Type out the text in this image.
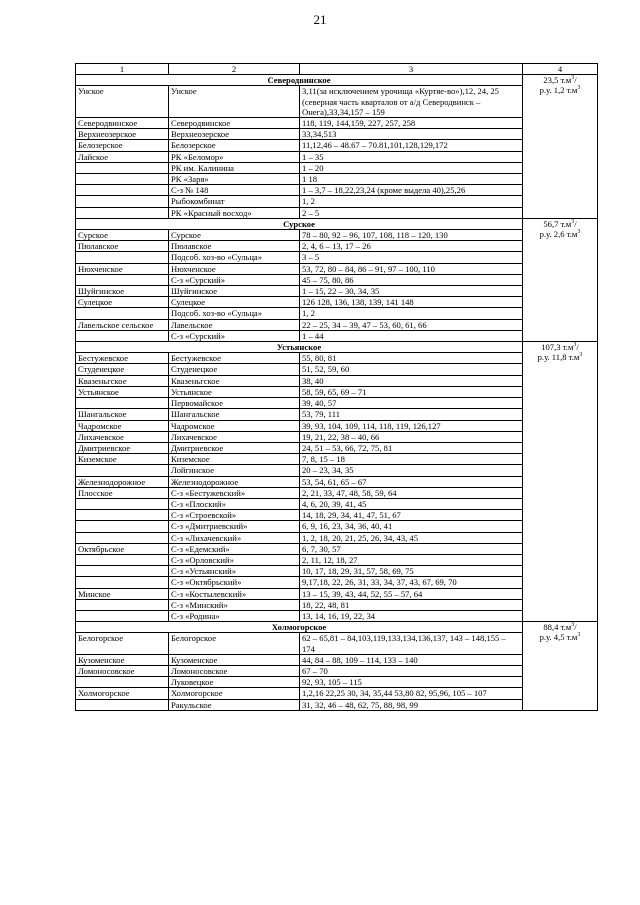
21
1	2	3	4
Северодвинское			23,5 $т.м^3/$
р.у. 1,2 $т.м^3$

Унское	Унское	3,11(за исключением урочища «Куртяе-вo»),12, 24, 25 (северная часть кварталов от а/д Северодвинск – Онега),33,34,157 – 159	
Северодвинское	Северодвинское	118, 119, 144,159, 227, 257, 258	
Верхнеозерское	Верхнеозерское	33,34,513	
Белозерское	Белозерское	11,12,46 – 48.67 – 70.81,101,128,129,172	
Лайское	РК «Беломор»	1 – 35	
	РК им. Калинина	1 – 20	
	РК «Заря»	1 18	
	С-з № 148	1 – 3,7 – 18,22,23,24 (кроме выдела 40),25,26	
	Рыбокомбинат	1, 2	
	РК «Красный восход»	2 – 5	
Сурское			56,7 $т.м^3/$
р.у. 2,6 $т.м^3$

Сурское	Сурское	78 – 80, 92 – 96, 107, 108, 118 – 120, 130	
Пюлавское	Пюлавское	2, 4, 6 – 13, 17 – 26	
	Подсоб. хоз-во «Сульца»	3 – 5	
Нюхченское	Нюхченское	53, 72, 80 – 84, 86 – 91, 97 – 100, 110	
	С-з «Сурский»	45 – 75, 80, 86	
Шуйгинское	Шуйгинское	1 – 15, 22 – 30, 34, 35	
Сулецкое	Сулецкое	126 128, 136, 138, 139, 141 148	
	Подсоб. хоз-во «Сульца»	1, 2	
Лавельское сельское	Лавельское	22 – 25, 34 – 39, 47 – 53, 60, 61, 66	
	С-з «Сурский»	1 – 44	
Устьянское			107,3 $т.м^3/$
р.у. 11,8 $т.м^3$

Бестужевское	Бестужевское	55, 80, 81	
Студенецкое	Студенецкое	51, 52, 59, 60	
Квазеньгское	Квазеньгское	38, 40	
Устьянское	Устьянское	58, 59, 65, 69 – 71	
	Первомайское	39, 40, 57	
Шангальское	Шангальское	53, 79, 111	
Чадромское	Чадромское	39, 93, 104, 109, 114, 118, 119, 126,127	
Лихачевское	Лихачевское	19, 21, 22, 38 – 40, 66	
Дмитриевское	Дмитриевское	24, 51 – 53, 66, 72, 75, 81	
Киземское	Киземское	7, 8, 15 – 18	
	Лойгинское	20 – 23, 34, 35	
Железнодорожное	Железнодорожное	53, 54, 61, 65 – 67	
Плосское	С-з «Бестужевский»	2, 21, 33, 47, 48, 58, 59, 64	
	С-з «Плоский»	4, 6, 20, 39, 41, 45	
	С-з «Строевской»	14, 18, 29, 34, 41, 47, 51, 67	
	С-з «Дмитриевский»	6, 9, 16, 23, 34, 36, 40, 41	
	С-з «Лихачевский»	1, 2, 18, 20, 21, 25, 26, 34, 43, 45	
Октябрьское	С-з «Едемский»	6, 7, 30, 57	
	С-з «Орловский»	2, 11, 12, 18, 27	
	С-з «Устьянский»	10, 17, 18, 29, 31, 57, 58, 69, 75	
	С-з «Октябрьский»	9,17,18, 22, 26, 31, 33, 34, 37, 43, 67, 69, 70	
Минское	С-з «Костылевский»	13 – 15, 39, 43, 44, 52, 55 – 57, 64	
	С-з «Минский»	18, 22, 48, 81	
	С-з «Родина»	13, 14, 16, 19, 22, 34	
Холмогорское			88,4 $т.м^3/$
р.у. 4,5 $т.м^3$

Белогорское	Белогорское	62 – 65,81 – 84,103,119,133,134,136,137, 143 – 148,155 – 174	
Кузоменское	Кузоменское	44, 84 – 88, 109 – 114, 133 – 140	
Ломоносовское	Ломоносовское	67 – 70	
	Луковецкое	92, 93, 105 – 115	
Холмогорское	Холмогорское	1,2,16 22,25 30, 34, 35,44 53,80 82, 95,96, 105 – 107	
	Ракульское	31, 32, 46 – 48, 62, 75, 88, 98, 99	
